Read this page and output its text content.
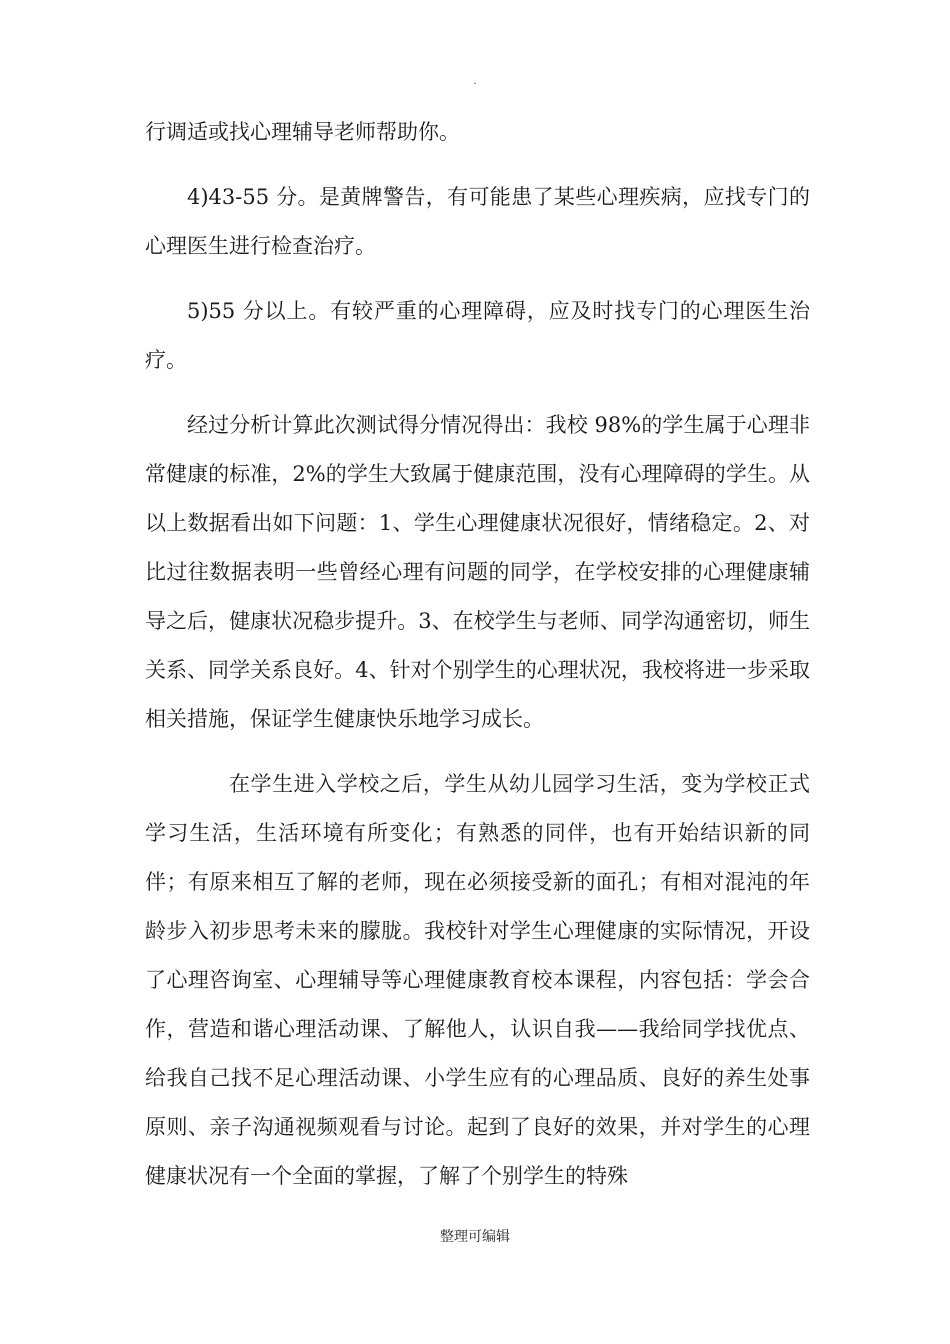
.

行调适或找心理辅导老师帮助你。

4)43-55 分。是黄牌警告，有可能患了某些心理疾病，应找专门的心理医生进行检查治疗。

5)55 分以上。有较严重的心理障碍，应及时找专门的心理医生治疗。

经过分析计算此次测试得分情况得出：我校 98%的学生属于心理非常健康的标准，2%的学生大致属于健康范围，没有心理障碍的学生。从以上数据看出如下问题：1、学生心理健康状况很好，情绪稳定。2、对比过往数据表明一些曾经心理有问题的同学，在学校安排的心理健康辅导之后，健康状况稳步提升。3、在校学生与老师、同学沟通密切，师生关系、同学关系良好。4、针对个别学生的心理状况，我校将进一步采取相关措施，保证学生健康快乐地学习成长。

在学生进入学校之后，学生从幼儿园学习生活，变为学校正式学习生活，生活环境有所变化；有熟悉的同伴，也有开始结识新的同伴；有原来相互了解的老师，现在必须接受新的面孔；有相对混沌的年龄步入初步思考未来的朦胧。我校针对学生心理健康的实际情况，开设了心理咨询室、心理辅导等心理健康教育校本课程，内容包括：学会合作，营造和谐心理活动课、了解他人，认识自我——我给同学找优点、给我自己找不足心理活动课、小学生应有的心理品质、良好的养生处事原则、亲子沟通视频观看与讨论。起到了良好的效果，并对学生的心理健康状况有一个全面的掌握，了解了个别学生的特殊

整理可编辑
